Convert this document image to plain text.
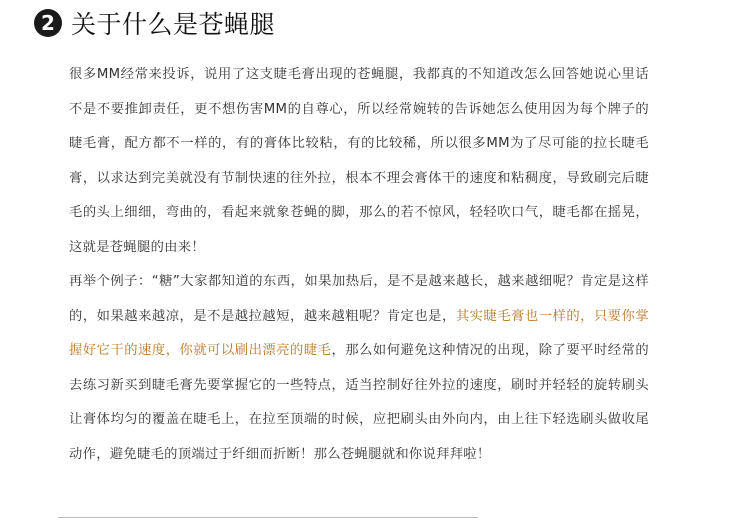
2 关于什么是苍蝇腿

很多MM经常来投诉，说用了这支睫毛膏出现的苍蝇腿，我都真的不知道改怎么回答她说心里话不是不要推卸责任，更不想伤害MM的自尊心，所以经常婉转的告诉她怎么使用因为每个牌子的睫毛膏，配方都不一样的，有的膏体比较粘，有的比较稀，所以很多MM为了尽可能的拉长睫毛膏，以求达到完美就没有节制快速的往外拉，根本不理会膏体干的速度和粘稠度，导致刷完后睫毛的头上细细，弯曲的，看起来就象苍蝇的脚，那么的若不惊风，轻轻吹口气，睫毛都在摇晃，这就是苍蝇腿的由来！

再举个例子：“糖”大家都知道的东西，如果加热后，是不是越来越长，越来越细呢？肯定是这样的，如果越来越凉，是不是越拉越短，越来越粗呢？肯定也是，其实睫毛膏也一样的，只要你掌握好它干的速度，你就可以刷出漂亮的睫毛，那么如何避免这种情况的出现，除了要平时经常的去练习新买到睫毛膏先要掌握它的一些特点，适当控制好往外拉的速度，刷时并轻轻的旋转刷头让膏体均匀的覆盖在睫毛上，在拉至顶端的时候，应把刷头由外向内，由上往下轻选刷头做收尾动作，避免睫毛的顶端过于纤细而折断！那么苍蝇腿就和你说拜拜啦！
